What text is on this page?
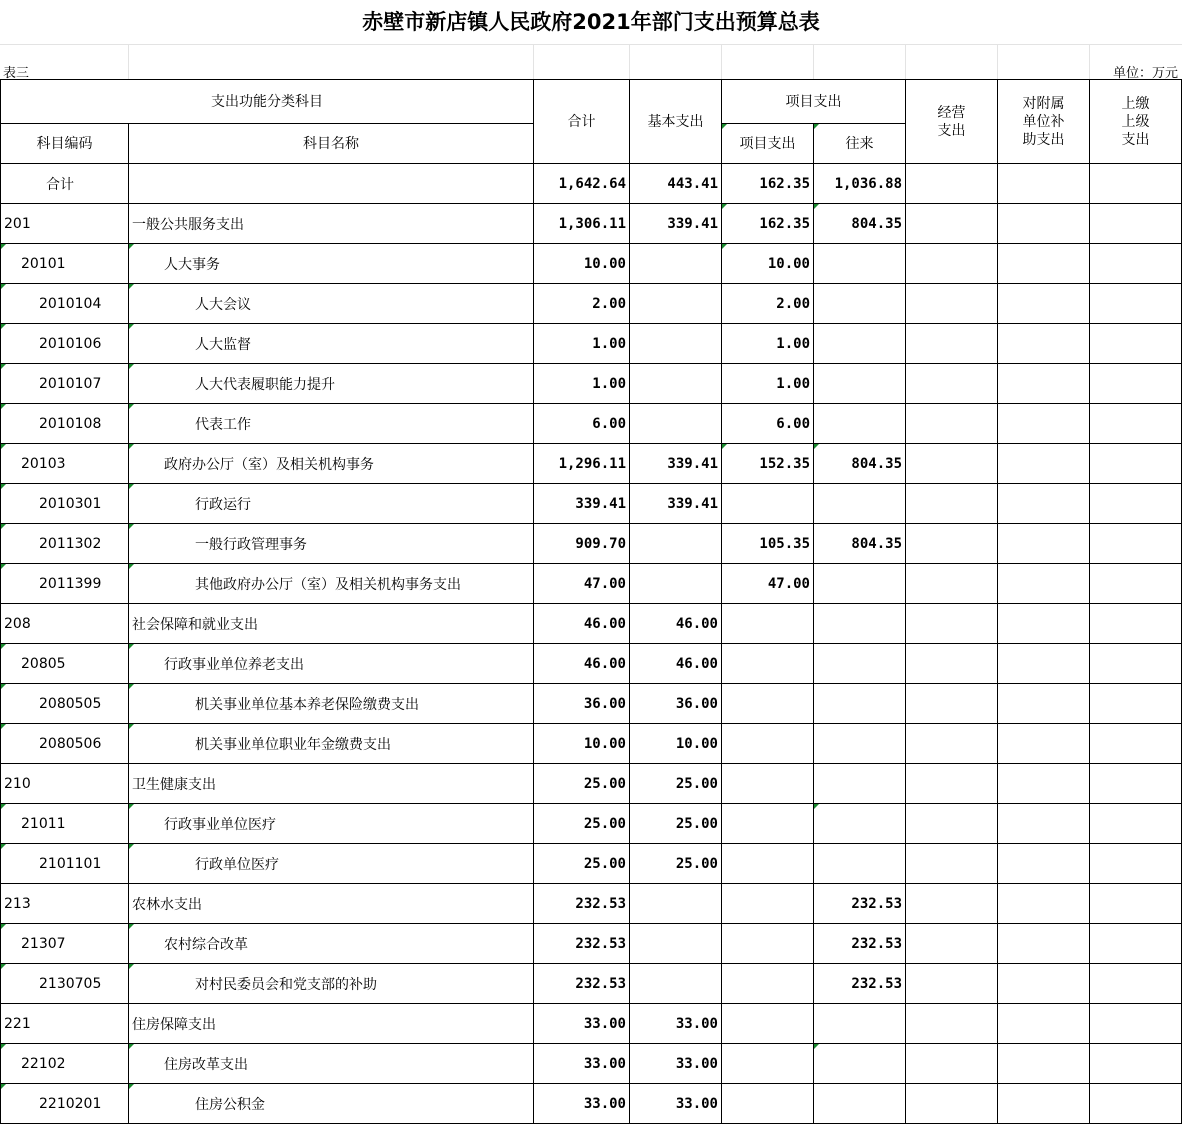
赤壁市新店镇人民政府2021年部门支出预算总表
表三	单位：万元
支出功能分类科目		合计	基本支出	项目支出		经营支出	对附属单位补助支出	上缴上级支出
科目编码	科目名称			项目支出	往来			
合计		1,642.64	443.41	162.35	1,036.88			
201	一般公共服务支出	1,306.11	339.41	162.35	804.35			
20101	人大事务	10.00		10.00				
2010104	人大会议	2.00		2.00				
2010106	人大监督	1.00		1.00				
2010107	人大代表履职能力提升	1.00		1.00				
2010108	代表工作	6.00		6.00				
20103	政府办公厅（室）及相关机构事务	1,296.11	339.41	152.35	804.35			
2010301	行政运行	339.41	339.41					
2011302	一般行政管理事务	909.70		105.35	804.35			
2011399	其他政府办公厅（室）及相关机构事务支出	47.00		47.00				
208	社会保障和就业支出	46.00	46.00					
20805	行政事业单位养老支出	46.00	46.00					
2080505	机关事业单位基本养老保险缴费支出	36.00	36.00					
2080506	机关事业单位职业年金缴费支出	10.00	10.00					
210	卫生健康支出	25.00	25.00					
21011	行政事业单位医疗	25.00	25.00					
2101101	行政单位医疗	25.00	25.00					
213	农林水支出	232.53			232.53			
21307	农村综合改革	232.53			232.53			
2130705	对村民委员会和党支部的补助	232.53			232.53			
221	住房保障支出	33.00	33.00					
22102	住房改革支出	33.00	33.00					
2210201	住房公积金	33.00	33.00					
